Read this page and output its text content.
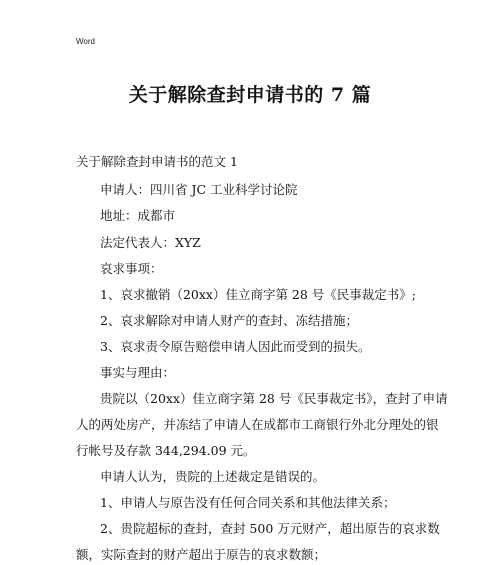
Word
关于解除查封申请书的 7 篇
关于解除查封申请书的范文 1
申请人：四川省 JC 工业科学讨论院
地址：成都市
法定代表人：XYZ
哀求事项：
1、哀求撤销（20xx）佳立商字第 28 号《民事裁定书》;
2、哀求解除对申请人财产的查封、冻结措施；
3、哀求责令原告赔偿申请人因此而受到的损失。
事实与理由：
贵院以（20xx）佳立商字第 28 号《民事裁定书》，查封了申请
人的两处房产，并冻结了申请人在成都市工商银行外北分理处的银
行帐号及存款 344,294.09 元。
申请人认为，贵院的上述裁定是错误的。
1、申请人与原告没有任何合同关系和其他法律关系；
2、贵院超标的查封，查封 500 万元财产，超出原告的哀求数
额，实际查封的财产超出于原告的哀求数额；
